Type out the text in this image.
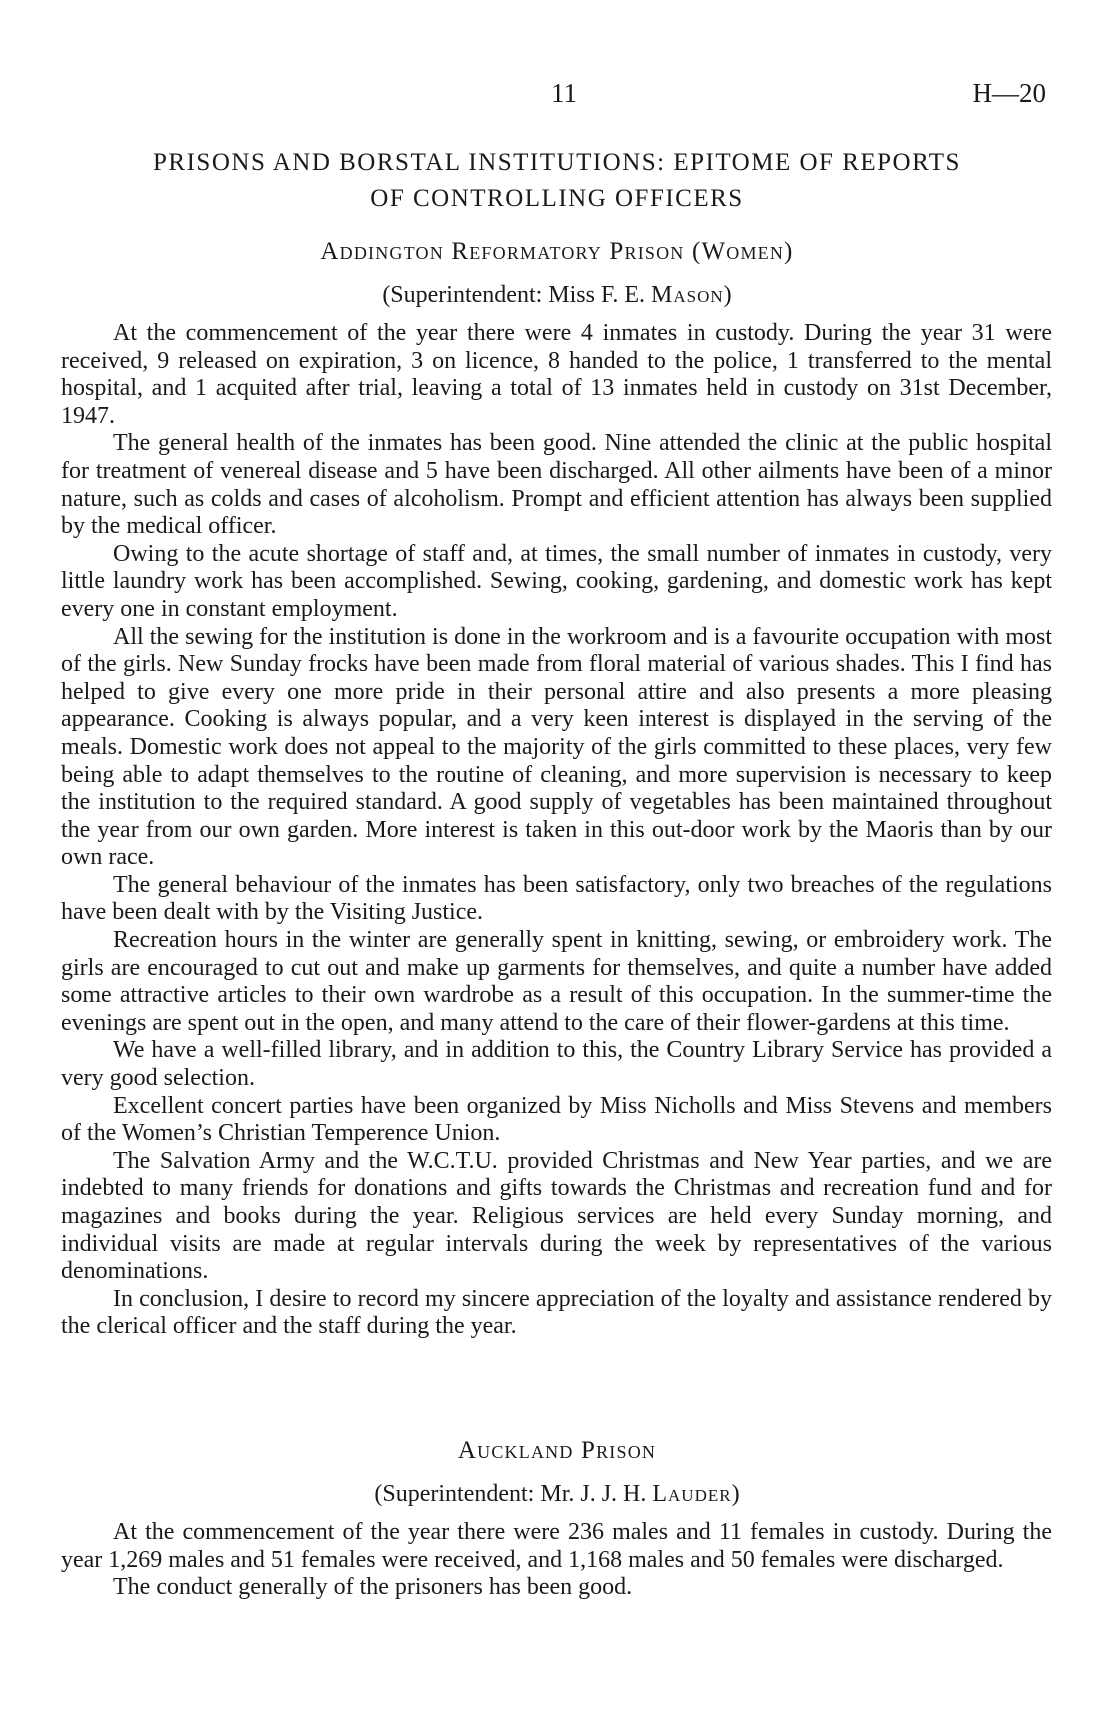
11	H—20
PRISONS AND BORSTAL INSTITUTIONS: EPITOME OF REPORTS
OF CONTROLLING OFFICERS
Addington Reformatory Prison (Women)
(Superintendent: Miss F. E. Mason)

At the commencement of the year there were 4 inmates in custody. During the year 31 were received, 9 released on expiration, 3 on licence, 8 handed to the police, 1 transferred to the mental hospital, and 1 acquited after trial, leaving a total of 13 inmates held in custody on 31st December, 1947.

The general health of the inmates has been good. Nine attended the clinic at the public hospital for treatment of venereal disease and 5 have been discharged. All other ailments have been of a minor nature, such as colds and cases of alcoholism. Prompt and efficient attention has always been supplied by the medical officer.

Owing to the acute shortage of staff and, at times, the small number of inmates in custody, very little laundry work has been accomplished. Sewing, cooking, gardening, and domestic work has kept every one in constant employment.

All the sewing for the institution is done in the workroom and is a favourite occupation with most of the girls. New Sunday frocks have been made from floral material of various shades. This I find has helped to give every one more pride in their personal attire and also presents a more pleasing appearance. Cooking is always popular, and a very keen interest is displayed in the serving of the meals. Domestic work does not appeal to the majority of the girls committed to these places, very few being able to adapt themselves to the routine of cleaning, and more supervision is necessary to keep the institution to the required standard. A good supply of vegetables has been maintained throughout the year from our own garden. More interest is taken in this out-door work by the Maoris than by our own race.

The general behaviour of the inmates has been satisfactory, only two breaches of the regulations have been dealt with by the Visiting Justice.

Recreation hours in the winter are generally spent in knitting, sewing, or embroidery work. The girls are encouraged to cut out and make up garments for themselves, and quite a number have added some attractive articles to their own wardrobe as a result of this occupation. In the summer-time the evenings are spent out in the open, and many attend to the care of their flower-gardens at this time.

We have a well-filled library, and in addition to this, the Country Library Service has provided a very good selection.

Excellent concert parties have been organized by Miss Nicholls and Miss Stevens and members of the Women’s Christian Temperence Union.

The Salvation Army and the W.C.T.U. provided Christmas and New Year parties, and we are indebted to many friends for donations and gifts towards the Christmas and recreation fund and for magazines and books during the year. Religious services are held every Sunday morning, and individual visits are made at regular intervals during the week by representatives of the various denominations.

In conclusion, I desire to record my sincere appreciation of the loyalty and assistance rendered by the clerical officer and the staff during the year.

Auckland Prison
(Superintendent: Mr. J. J. H. Lauder)

At the commencement of the year there were 236 males and 11 females in custody. During the year 1,269 males and 51 females were received, and 1,168 males and 50 females were discharged.

The conduct generally of the prisoners has been good.
